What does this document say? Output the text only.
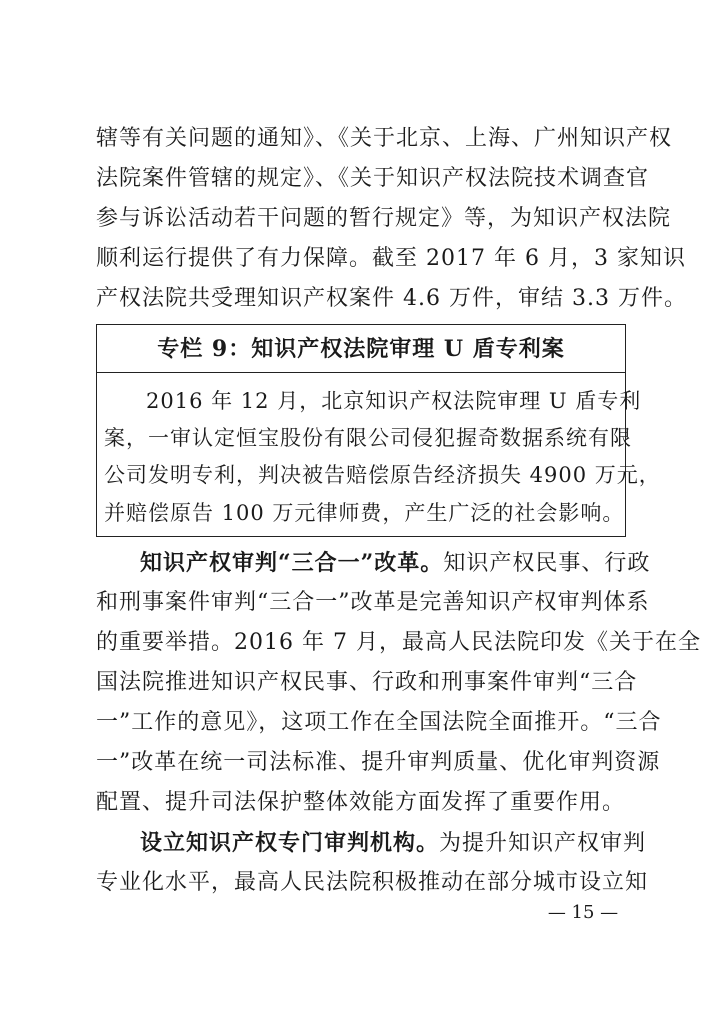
辖等有关问题的通知》、《关于北京、上海、广州知识产权
法院案件管辖的规定》、《关于知识产权法院技术调查官
参与诉讼活动若干问题的暂行规定》等，为知识产权法院
顺利运行提供了有力保障。截至 2017 年 6 月，3 家知识
产权法院共受理知识产权案件 4.6 万件，审结 3.3 万件。
专栏 9：知识产权法院审理 U 盾专利案
2016 年 12 月，北京知识产权法院审理 U 盾专利
案，一审认定恒宝股份有限公司侵犯握奇数据系统有限
公司发明专利，判决被告赔偿原告经济损失 4900 万元，
并赔偿原告 100 万元律师费，产生广泛的社会影响。
知识产权审判“三合一”改革。知识产权民事、行政
和刑事案件审判“三合一”改革是完善知识产权审判体系
的重要举措。2016 年 7 月，最高人民法院印发《关于在全
国法院推进知识产权民事、行政和刑事案件审判“三合
一”工作的意见》，这项工作在全国法院全面推开。“三合
一”改革在统一司法标准、提升审判质量、优化审判资源
配置、提升司法保护整体效能方面发挥了重要作用。
设立知识产权专门审判机构。为提升知识产权审判
专业化水平，最高人民法院积极推动在部分城市设立知
— 15 —
